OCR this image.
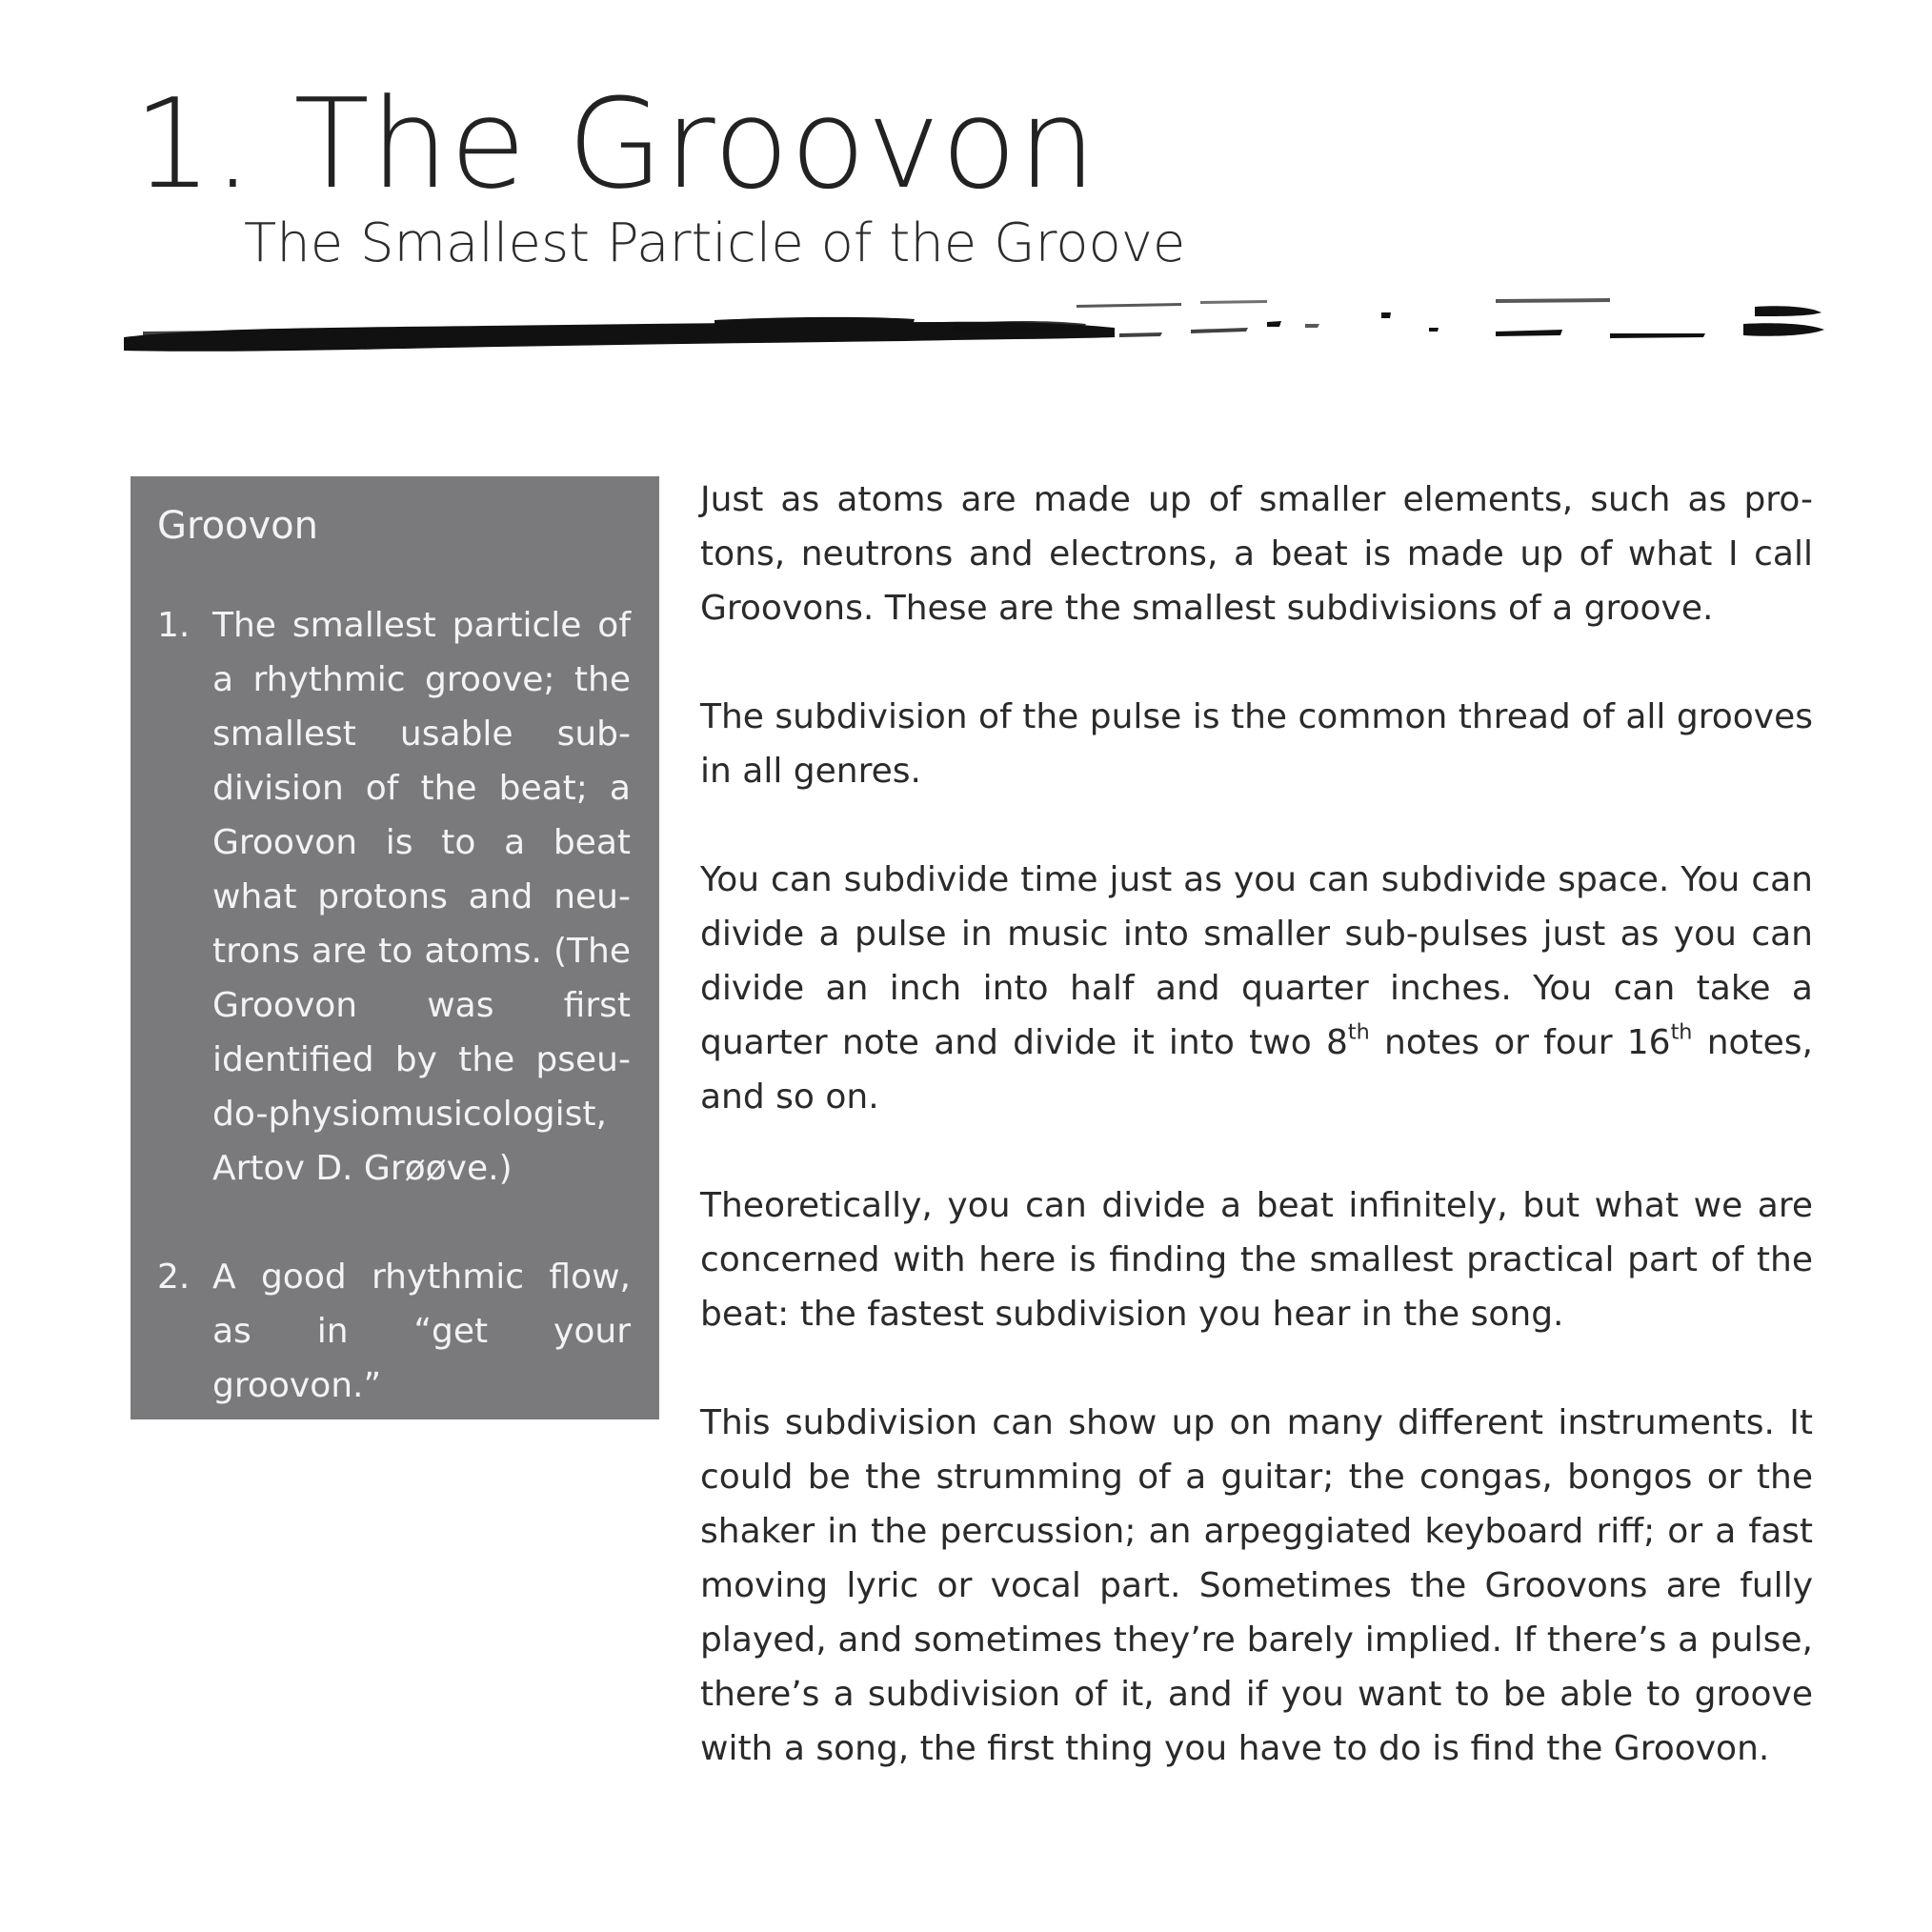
1. The Groovon
The Smallest Particle of the Groove
Groovon
1. The smallest particle of a rhythmic groove; the smallest usable sub-division of the beat; a Groovon is to a beat what protons and neu-trons are to atoms. (The Groovon was first identified by the pseu-do-physiomusicologist, Artov D. Grøøve.)
2. A good rhythmic flow, as in “get your groovon.”

Just as atoms are made up of smaller elements, such as pro-tons, neutrons and electrons, a beat is made up of what I call Groovons. These are the smallest subdivisions of a groove.

The subdivision of the pulse is the common thread of all grooves in all genres.

You can subdivide time just as you can subdivide space. You can divide a pulse in music into smaller sub-pulses just as you can divide an inch into half and quarter inches. You can take a quarter note and divide it into two 8th notes or four 16th notes, and so on.

Theoretically, you can divide a beat infinitely, but what we are concerned with here is finding the smallest practical part of the beat: the fastest subdivision you hear in the song.

This subdivision can show up on many different instruments. It could be the strumming of a guitar; the congas, bongos or the shaker in the percussion; an arpeggiated keyboard riff; or a fast moving lyric or vocal part. Sometimes the Groovons are fully played, and sometimes they’re barely implied. If there’s a pulse, there’s a subdivision of it, and if you want to be able to groove with a song, the first thing you have to do is find the Groovon.
